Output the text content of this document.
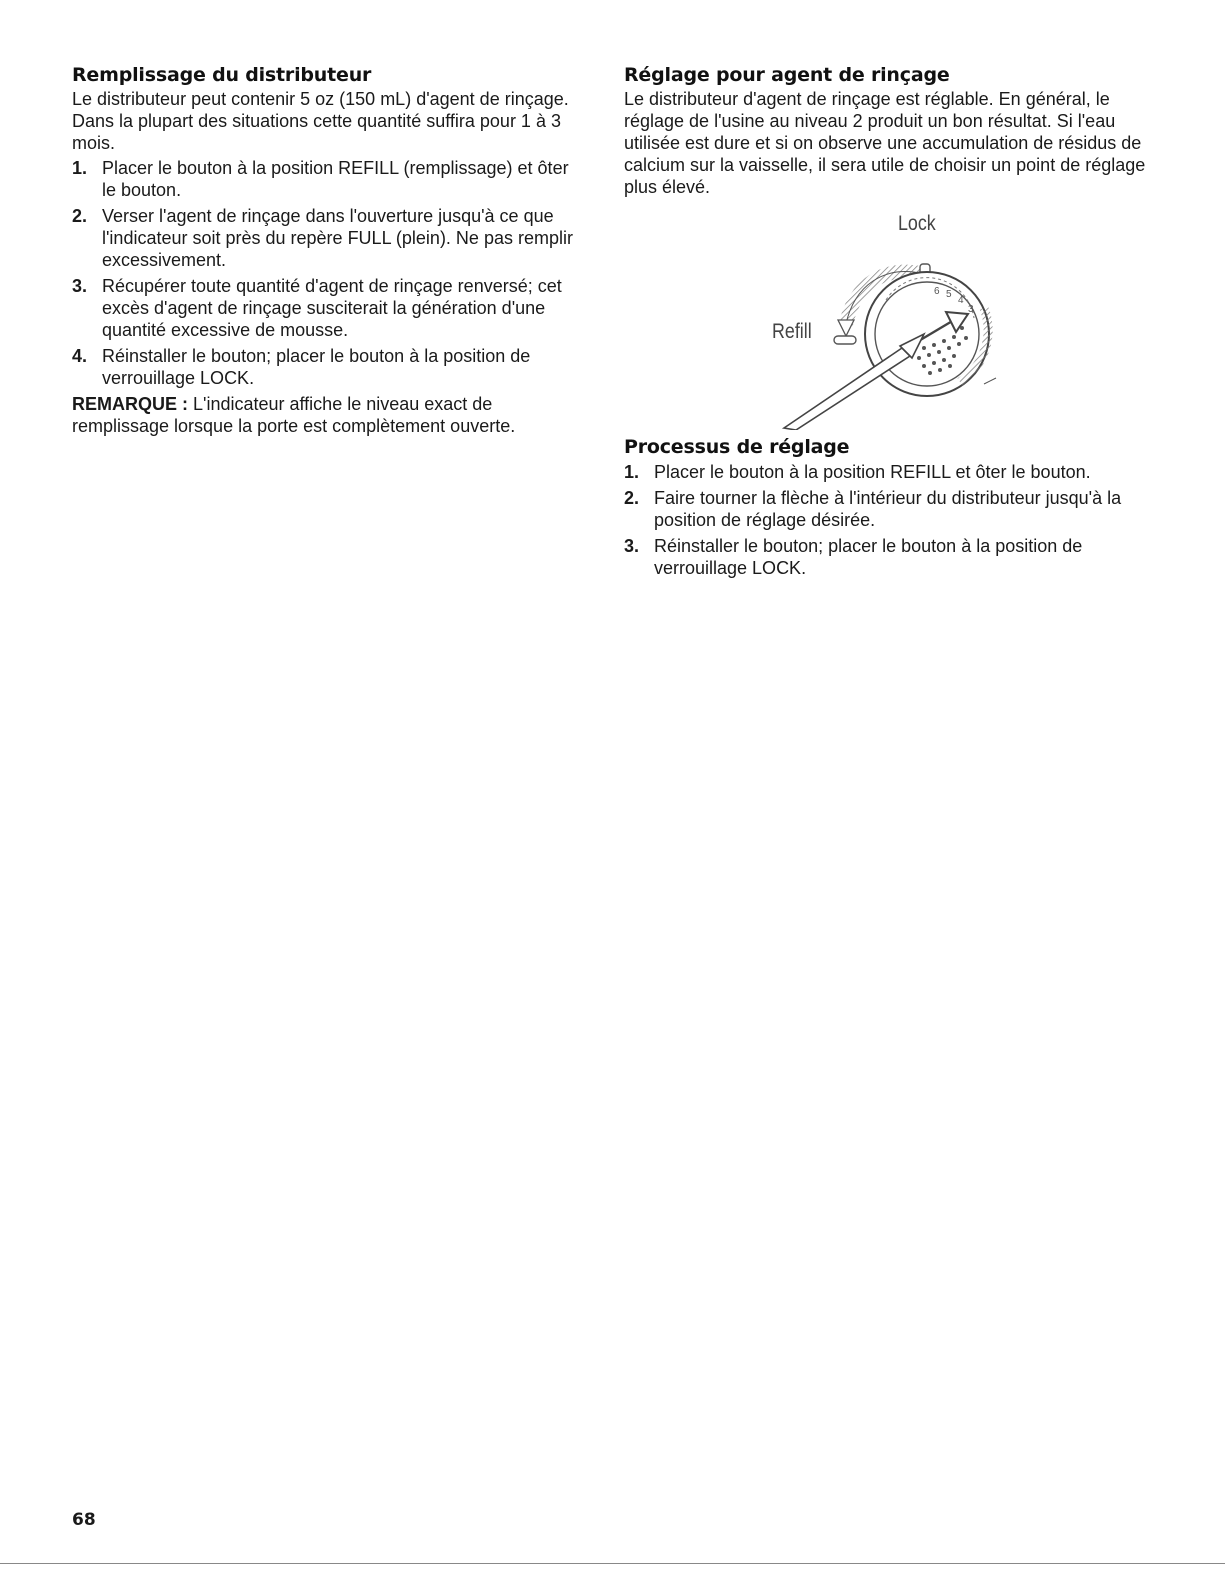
Remplissage du distributeur

Le distributeur peut contenir 5 oz (150 mL) d'agent de rinçage. Dans la plupart des situations cette quantité suffira pour 1 à 3 mois.

1. Placer le bouton à la position REFILL (remplissage) et ôter le bouton.
2. Verser l'agent de rinçage dans l'ouverture jusqu'à ce que l'indicateur soit près du repère FULL (plein). Ne pas remplir excessivement.
3. Récupérer toute quantité d'agent de rinçage renversé; cet excès d'agent de rinçage susciterait la génération d'une quantité excessive de mousse.
4. Réinstaller le bouton; placer le bouton à la position de verrouillage LOCK.

REMARQUE : L'indicateur affiche le niveau exact de remplissage lorsque la porte est complètement ouverte.

Réglage pour agent de rinçage

Le distributeur d'agent de rinçage est réglable. En général, le réglage de l'usine au niveau 2 produit un bon résultat. Si l'eau utilisée est dure et si on observe une accumulation de résidus de calcium sur la vaisselle, il sera utile de choisir un point de réglage plus élevé.

6 5
4
3
Lock
Refill
Processus de réglage
1. Placer le bouton à la position REFILL et ôter le bouton.
2. Faire tourner la flèche à l'intérieur du distributeur jusqu'à la position de réglage désirée.
3. Réinstaller le bouton; placer le bouton à la position de verrouillage LOCK.
68
